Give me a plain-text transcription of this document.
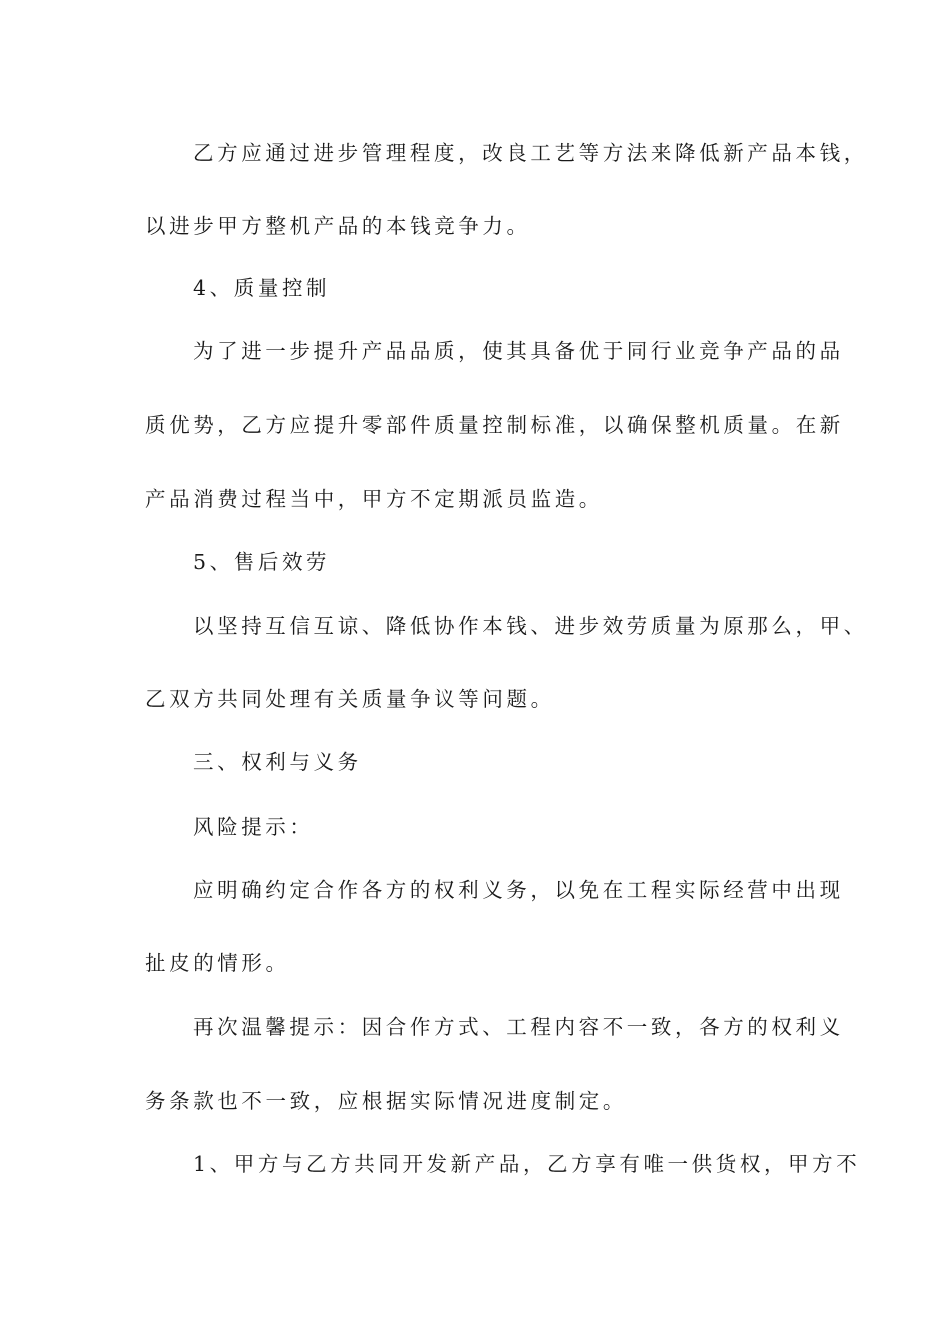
乙方应通过进步管理程度，改良工艺等方法来降低新产品本钱，
以进步甲方整机产品的本钱竞争力。
4、质量控制
为了进一步提升产品品质，使其具备优于同行业竞争产品的品
质优势，乙方应提升零部件质量控制标准，以确保整机质量。在新
产品消费过程当中，甲方不定期派员监造。
5、售后效劳
以坚持互信互谅、降低协作本钱、进步效劳质量为原那么，甲、
乙双方共同处理有关质量争议等问题。
三、权利与义务
风险提示：
应明确约定合作各方的权利义务，以免在工程实际经营中出现
扯皮的情形。
再次温馨提示：因合作方式、工程内容不一致，各方的权利义
务条款也不一致，应根据实际情况进度制定。
1、甲方与乙方共同开发新产品，乙方享有唯一供货权，甲方不
